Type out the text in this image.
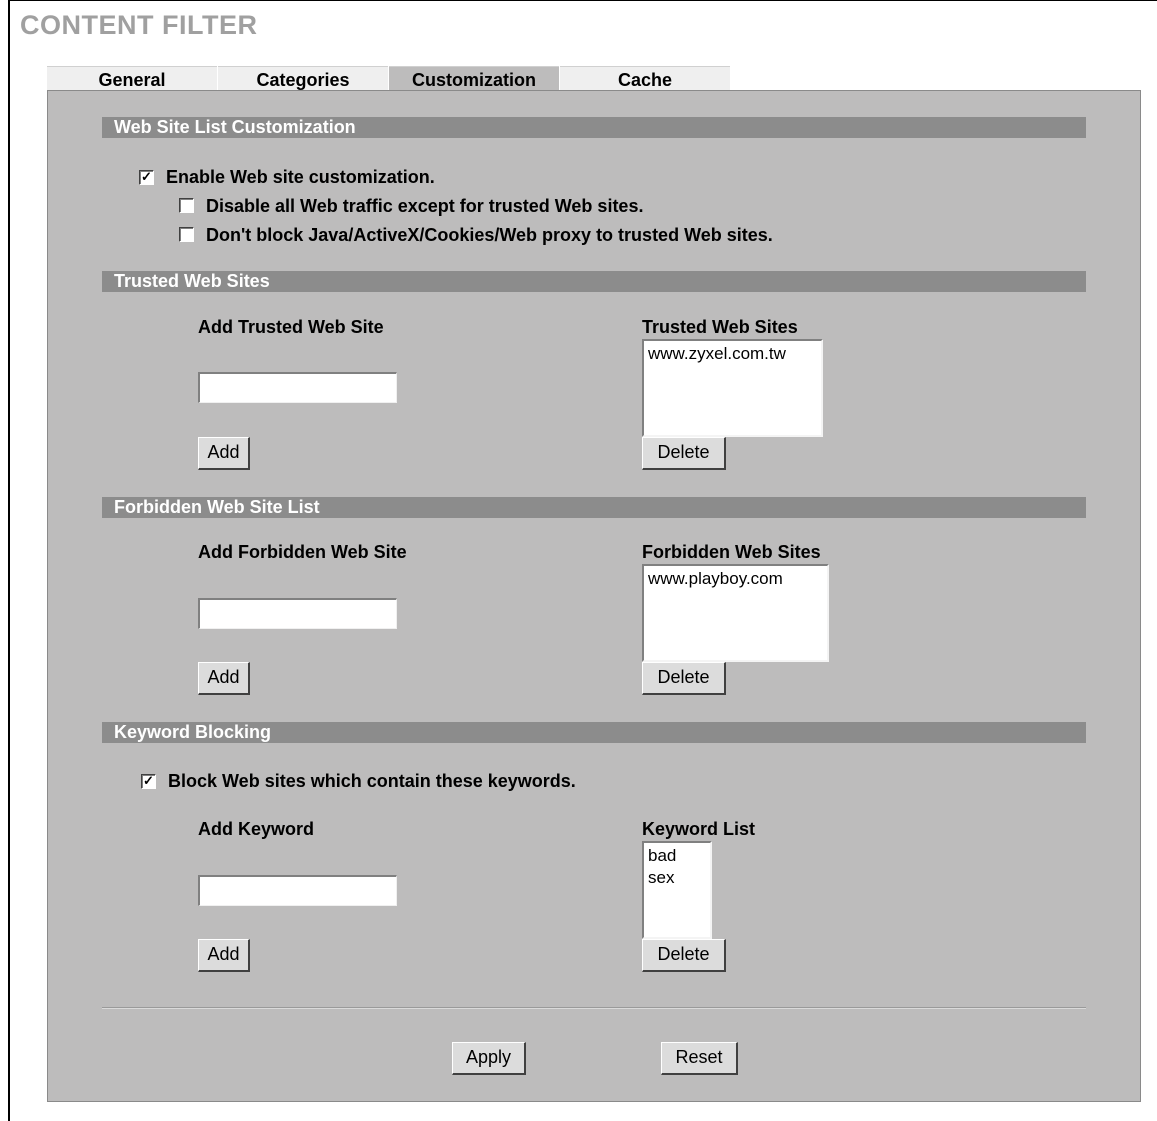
CONTENT FILTER
General	Categories	Customization	Cache
Web Site List Customization
✓ Enable Web site customization.
Disable all Web traffic except for trusted Web sites.
Don't block Java/ActiveX/Cookies/Web proxy to trusted Web sites.
Trusted Web Sites
Add Trusted Web Site
Add
Trusted Web Sites
www.zyxel.com.tw
Delete
Forbidden Web Site List
Add Forbidden Web Site
Add
Forbidden Web Sites
www.playboy.com
Delete
Keyword Blocking
✓ Block Web sites which contain these keywords.
Add Keyword
Add
Keyword List
bad
sex
Delete
Apply	Reset
